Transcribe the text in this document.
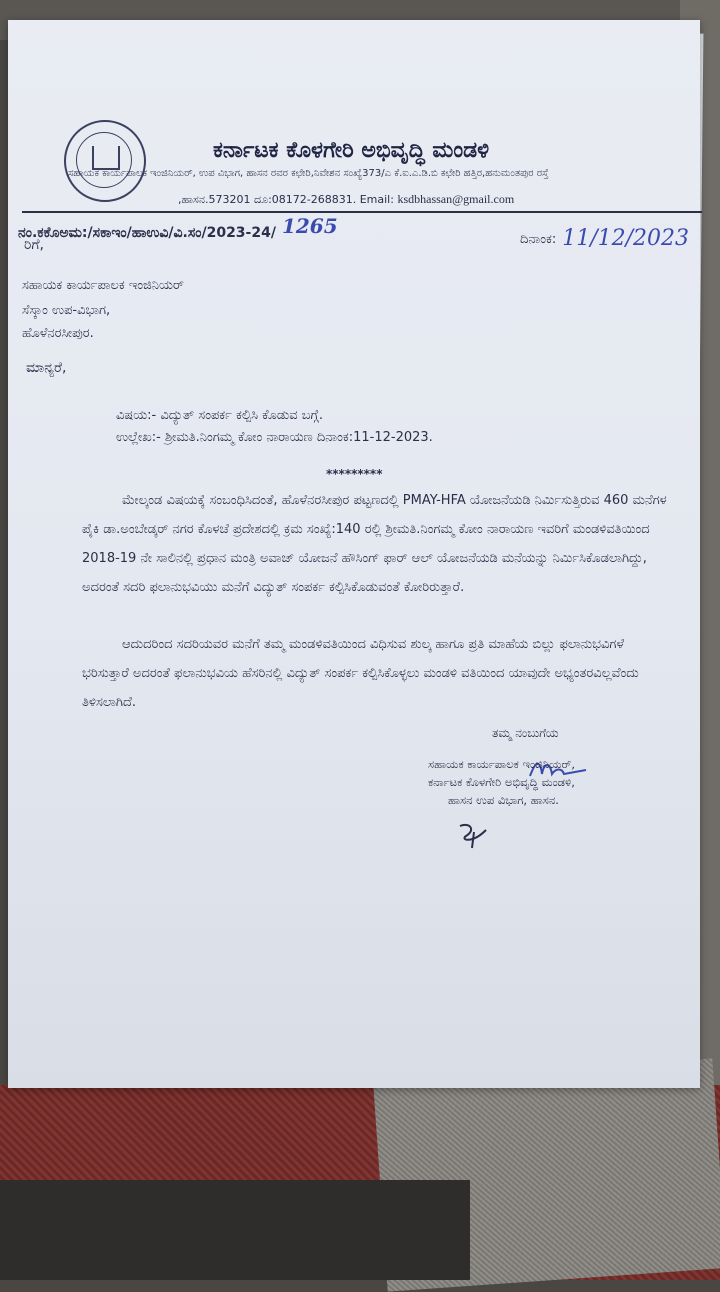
ಕರ್ನಾಟಕ ಕೊಳಗೇರಿ ಅಭಿವೃದ್ಧಿ ಮಂಡಳಿ
ಸಹಾಯಕ ಕಾರ್ಯಪಾಲಕ ಇಂಜಿನಿಯರ್, ಉಪ ವಿಭಾಗ, ಹಾಸನ ರವರ ಕಛೇರಿ,ನಿವೇಶನ ಸಂಖ್ಯೆ373/ಎ ಕೆ.ಐ.ಎ.ಡಿ.ಬಿ ಕಛೇರಿ ಹತ್ತಿರ,ಹನುಮಂತಪುರ ರಸ್ತೆ
,ಹಾಸನ.573201 ದೂ:08172-268831. Email: ksdbhassan@gmail.com
ನಂ.ಕಕೊಅಮ:/ಸಕಾಇಂ/ಹಾಉವಿ/ವಿ.ಸಂ/2023-24/ 1265
ದಿನಾಂಕ: 11/12/2023
ರಿಗೆ,
ಸಹಾಯಕ ಕಾರ್ಯಪಾಲಕ ಇಂಜಿನಿಯರ್
ಸೆಸ್ಕಾಂ ಉಪ-ವಿಭಾಗ,
ಹೊಳೆನರಸೀಪುರ.
ಮಾನ್ಯರೆ,
ವಿಷಯ:- ವಿದ್ಯುತ್ ಸಂಪರ್ಕ ಕಲ್ಪಿಸಿ ಕೊಡುವ ಬಗ್ಗೆ.
ಉಲ್ಲೇಖ:- ಶ್ರೀಮತಿ.ನಿಂಗಮ್ಮ ಕೋಂ ನಾರಾಯಣ ದಿನಾಂಕ:11-12-2023.
*********
ಮೇಲ್ಕಂಡ ವಿಷಯಕ್ಕೆ ಸಂಬಂಧಿಸಿದಂತೆ, ಹೊಳೆನರಸೀಪುರ ಪಟ್ಟಣದಲ್ಲಿ PMAY-HFA ಯೋಜನೆಯಡಿ ನಿರ್ಮಿಸುತ್ತಿರುವ 460 ಮನೆಗಳ ಪೈಕಿ ಡಾ.ಅಂಬೇಡ್ಕರ್ ನಗರ ಕೊಳಚೆ ಪ್ರದೇಶದಲ್ಲಿ ಕ್ರಮ ಸಂಖ್ಯೆ:140 ರಲ್ಲಿ ಶ್ರೀಮತಿ.ನಿಂಗಮ್ಮ ಕೋಂ ನಾರಾಯಣ ಇವರಿಗೆ ಮಂಡಳಿವತಿಯಿಂದ 2018-19 ನೇ ಸಾಲಿನಲ್ಲಿ ಪ್ರಧಾನ ಮಂತ್ರಿ ಅವಾಜ್ ಯೋಜನೆ ಹೌಸಿಂಗ್ ಫಾರ್ ಆಲ್ ಯೋಜನೆಯಡಿ ಮನೆಯನ್ನು ನಿರ್ಮಿಸಿಕೊಡಲಾಗಿದ್ದು, ಅದರಂತೆ ಸದರಿ ಫಲಾನುಭವಿಯು ಮನೆಗೆ ವಿದ್ಯುತ್ ಸಂಪರ್ಕ ಕಲ್ಪಿಸಿಕೊಡುವಂತೆ ಕೋರಿರುತ್ತಾರೆ.
ಆದುದರಿಂದ ಸದರಿಯವರ ಮನೆಗೆ ತಮ್ಮ ಮಂಡಳಿವತಿಯಿಂದ ವಿಧಿಸುವ ಶುಲ್ಕ ಹಾಗೂ ಪ್ರತಿ ಮಾಹೆಯ ಬಿಲ್ಲು ಫಲಾನುಭವಿಗಳೆ ಭರಿಸುತ್ತಾರೆ ಅದರಂತೆ ಫಲಾನುಭವಿಯ ಹೆಸರಿನಲ್ಲಿ ವಿದ್ಯುತ್ ಸಂಪರ್ಕ ಕಲ್ಪಿಸಿಕೊಳ್ಳಲು ಮಂಡಳಿ ವತಿಯಿಂದ ಯಾವುದೇ ಅಭ್ಯಂತರವಿಲ್ಲವೆಂದು ತಿಳಿಸಲಾಗಿದೆ.
ತಮ್ಮ ನಂಬುಗೆಯ
ಸಹಾಯಕ ಕಾರ್ಯಪಾಲಕ ಇಂಜಿನಿಯರ್,
ಕರ್ನಾಟಕ ಕೊಳಗೇರಿ ಅಭಿವೃದ್ಧಿ ಮಂಡಳಿ,
ಹಾಸನ ಉಪ ವಿಭಾಗ, ಹಾಸನ.
